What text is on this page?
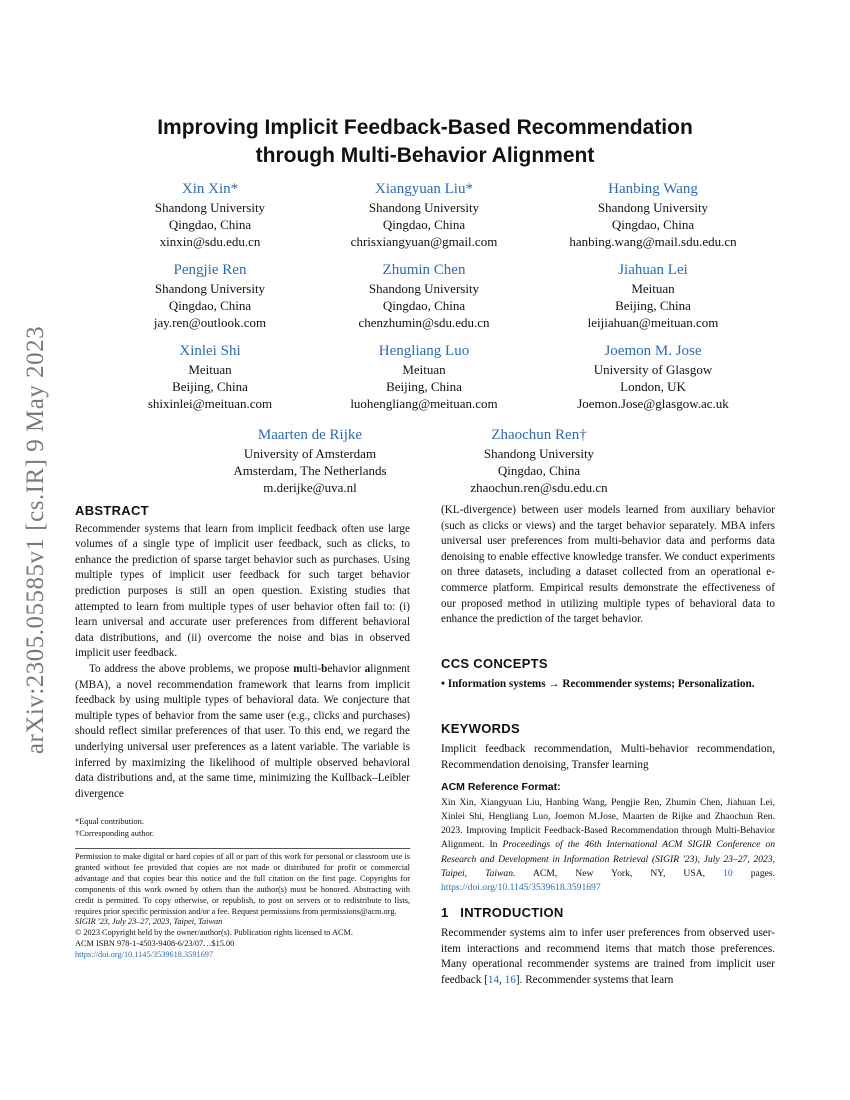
arXiv:2305.05585v1 [cs.IR] 9 May 2023
Improving Implicit Feedback-Based Recommendation
through Multi-Behavior Alignment
Xin Xin*
Shandong University
Qingdao, China
xinxin@sdu.edu.cn
Xiangyuan Liu*
Shandong University
Qingdao, China
chrisxiangyuan@gmail.com
Hanbing Wang
Shandong University
Qingdao, China
hanbing.wang@mail.sdu.edu.cn
Pengjie Ren
Shandong University
Qingdao, China
jay.ren@outlook.com
Zhumin Chen
Shandong University
Qingdao, China
chenzhumin@sdu.edu.cn
Jiahuan Lei
Meituan
Beijing, China
leijiahuan@meituan.com
Xinlei Shi
Meituan
Beijing, China
shixinlei@meituan.com
Hengliang Luo
Meituan
Beijing, China
luohengliang@meituan.com
Joemon M. Jose
University of Glasgow
London, UK
Joemon.Jose@glasgow.ac.uk
Maarten de Rijke
University of Amsterdam
Amsterdam, The Netherlands
m.derijke@uva.nl
Zhaochun Ren†
Shandong University
Qingdao, China
zhaochun.ren@sdu.edu.cn
ABSTRACT

Recommender systems that learn from implicit feedback often use large volumes of a single type of implicit user feedback, such as clicks, to enhance the prediction of sparse target behavior such as purchases. Using multiple types of implicit user feedback for such target behavior prediction purposes is still an open question. Existing studies that attempted to learn from multiple types of user behavior often fail to: (i) learn universal and accurate user preferences from different behavioral data distributions, and (ii) overcome the noise and bias in observed implicit user feedback.

To address the above problems, we propose multi-behavior alignment (MBA), a novel recommendation framework that learns from implicit feedback by using multiple types of behavioral data. We conjecture that multiple types of behavior from the same user (e.g., clicks and purchases) should reflect similar preferences of that user. To this end, we regard the underlying universal user preferences as a latent variable. The variable is inferred by maximizing the likelihood of multiple observed behavioral data distributions and, at the same time, minimizing the Kullback–Leibler divergence

*Equal contribution.
†Corresponding author.
Permission to make digital or hard copies of all or part of this work for personal or classroom use is granted without fee provided that copies are not made or distributed for profit or commercial advantage and that copies bear this notice and the full citation on the first page. Copyrights for components of this work owned by others than the author(s) must be honored. Abstracting with credit is permitted. To copy otherwise, or republish, to post on servers or to redistribute to lists, requires prior specific permission and/or a fee. Request permissions from permissions@acm.org.
SIGIR '23, July 23–27, 2023, Taipei, Taiwan
© 2023 Copyright held by the owner/author(s). Publication rights licensed to ACM.
ACM ISBN 978-1-4503-9408-6/23/07…$15.00
https://doi.org/10.1145/3539618.3591697

(KL-divergence) between user models learned from auxiliary behavior (such as clicks or views) and the target behavior separately. MBA infers universal user preferences from multi-behavior data and performs data denoising to enable effective knowledge transfer. We conduct experiments on three datasets, including a dataset collected from an operational e-commerce platform. Empirical results demonstrate the effectiveness of our proposed method in utilizing multiple types of behavioral data to enhance the prediction of the target behavior.

CCS CONCEPTS
• Information systems → Recommender systems; Personalization.
KEYWORDS
Implicit feedback recommendation, Multi-behavior recommendation, Recommendation denoising, Transfer learning
ACM Reference Format:
Xin Xin, Xiangyuan Liu, Hanbing Wang, Pengjie Ren, Zhumin Chen, Jiahuan Lei, Xinlei Shi, Hengliang Luo, Joemon M.Jose, Maarten de Rijke and Zhaochun Ren. 2023. Improving Implicit Feedback-Based Recommendation through Multi-Behavior Alignment. In Proceedings of the 46th International ACM SIGIR Conference on Research and Development in Information Retrieval (SIGIR '23), July 23–27, 2023, Taipei, Taiwan. ACM, New York, NY, USA, 10 pages. https://doi.org/10.1145/3539618.3591697
1 INTRODUCTION
Recommender systems aim to infer user preferences from observed user-item interactions and recommend items that match those preferences. Many operational recommender systems are trained from implicit user feedback [14, 16]. Recommender systems that learn
